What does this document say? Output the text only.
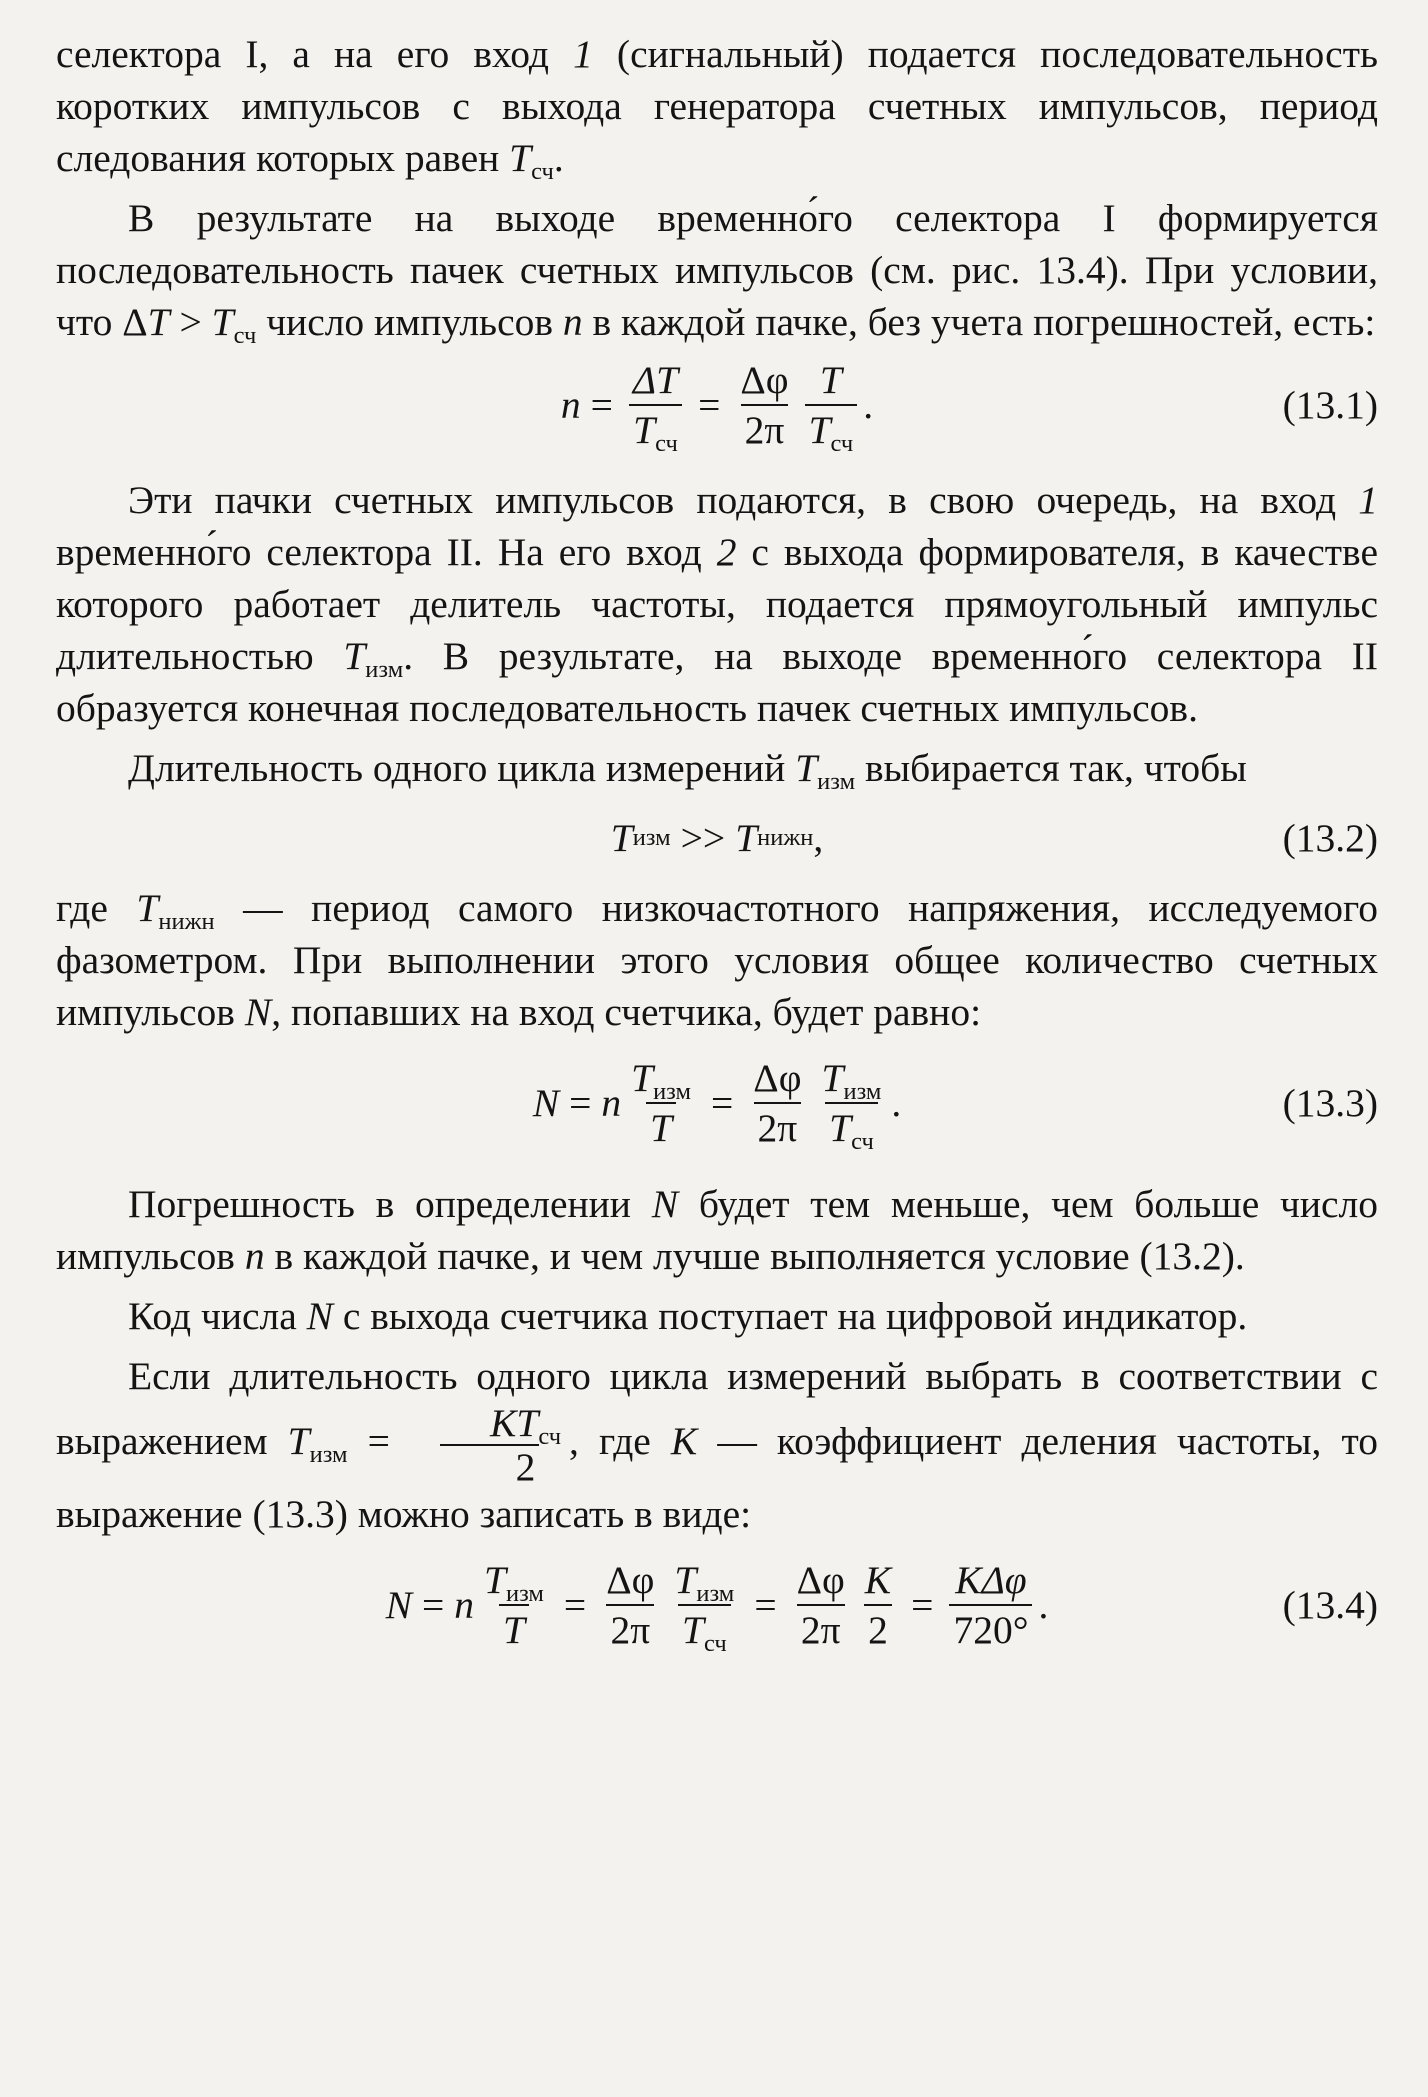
селектора I, а на его вход 1 (сигнальный) подается последовательность коротких импульсов с выхода генератора счетных импульсов, период следования которых равен $T_{сч}$.

В результате на выходе временно́го селектора I формируется последовательность пачек счетных импульсов (см. рис. 13.4). При условии, что $\Delta T > T_{сч}$ число импульсов n в каждой пачке, без учета погрешностей, есть:

$n = \frac{\Delta T}{T_{сч}} = \frac{\Delta\varphi}{2\pi} \frac{T}{T_{сч}}$ .	(13.1)

Эти пачки счетных импульсов подаются, в свою очередь, на вход 1 временно́го селектора II. На его вход 2 с выхода формирователя, в качестве которого работает делитель частоты, подается прямоугольный импульс длительностью $T_{изм}$. В результате, на выходе временно́го селектора II образуется конечная последовательность пачек счетных импульсов.

Длительность одного цикла измерений $T_{изм}$ выбирается так, чтобы

T изм >> T нижн ,	(13.2)

где $T_{нижн}$ — период самого низкочастотного напряжения, исследуемого фазометром. При выполнении этого условия общее количество счетных импульсов N, попавших на вход счетчика, будет равно:

N = n $\frac{T_{изм}}{T} = \frac{\Delta\varphi}{2\pi} \frac{T_{изм}}{T_{сч}}$ .	(13.3)

Погрешность в определении N будет тем меньше, чем больше число импульсов n в каждой пачке, и чем лучше выполняется условие (13.2).

Код числа N с выхода счетчика поступает на цифровой индикатор.

Если длительность одного цикла измерений выбрать в соответствии с выражением $T_{изм}$ =	$KT_{сч}$
2
, где K — коэффициент деления частоты, то выражение (13.3) можно записать в виде:

N = n $\frac{T_{изм}}{T} = \frac{\Delta\varphi}{2\pi} \frac{T_{изм}}{T_{сч}} = \frac{\Delta\varphi}{2\pi} \frac{K}{2} = \frac{\text{KΔφ}}{720^\circ}$ .	(13.4)
